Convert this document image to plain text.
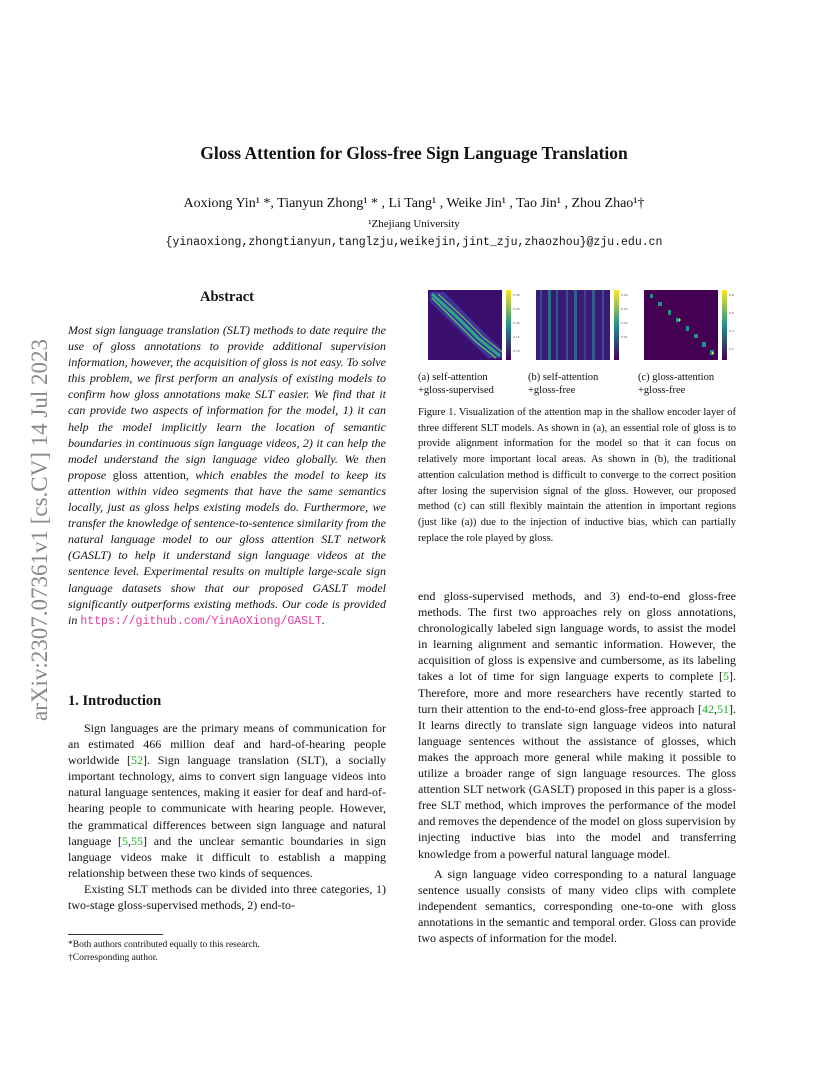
Gloss Attention for Gloss-free Sign Language Translation
Aoxiong Yin¹ *, Tianyun Zhong¹ * , Li Tang¹ , Weike Jin¹ , Tao Jin¹ , Zhou Zhao¹†
¹Zhejiang University
{yinaoxiong,zhongtianyun,tanglzju,weikejin,jint_zju,zhaozhou}@zju.edu.cn
arXiv:2307.07361v1 [cs.CV] 14 Jul 2023
Abstract
Most sign language translation (SLT) methods to date require the use of gloss annotations to provide additional supervision information, however, the acquisition of gloss is not easy. To solve this problem, we first perform an analysis of existing models to confirm how gloss annotations make SLT easier. We find that it can provide two aspects of information for the model, 1) it can help the model implicitly learn the location of semantic boundaries in continuous sign language videos, 2) it can help the model understand the sign language video globally. We then propose gloss attention, which enables the model to keep its attention within video segments that have the same semantics locally, just as gloss helps existing models do. Furthermore, we transfer the knowledge of sentence-to-sentence similarity from the natural language model to our gloss attention SLT network (GASLT) to help it understand sign language videos at the sentence level. Experimental results on multiple large-scale sign language datasets show that our proposed GASLT model significantly outperforms existing methods. Our code is provided in https://github.com/YinAoXiong/GASLT.
1. Introduction

Sign languages are the primary means of communication for an estimated 466 million deaf and hard-of-hearing people worldwide [52]. Sign language translation (SLT), a socially important technology, aims to convert sign language videos into natural language sentences, making it easier for deaf and hard-of-hearing people to communicate with hearing people. However, the grammatical differences between sign language and natural language [5,55] and the unclear semantic boundaries in sign language videos make it difficult to establish a mapping relationship between these two kinds of sequences.

Existing SLT methods can be divided into three categories, 1) two-stage gloss-supervised methods, 2) end-to-

*Both authors contributed equally to this research.
†Corresponding author.
0.30
0.25
0.20
0.15
0.10
0.04
0.03
0.02
0.01
0.8
0.6
0.4
0.2
(a) self-attention
+gloss-supervised
(b) self-attention
+gloss-free
(c) gloss-attention
+gloss-free
Figure 1. Visualization of the attention map in the shallow encoder layer of three different SLT models. As shown in (a), an essential role of gloss is to provide alignment information for the model so that it can focus on relatively more important local areas. As shown in (b), the traditional attention calculation method is difficult to converge to the correct position after losing the supervision signal of the gloss. However, our proposed method (c) can still flexibly maintain the attention in important regions (just like (a)) due to the injection of inductive bias, which can partially replace the role played by gloss.

end gloss-supervised methods, and 3) end-to-end gloss-free methods. The first two approaches rely on gloss annotations, chronologically labeled sign language words, to assist the model in learning alignment and semantic information. However, the acquisition of gloss is expensive and cumbersome, as its labeling takes a lot of time for sign language experts to complete [5]. Therefore, more and more researchers have recently started to turn their attention to the end-to-end gloss-free approach [42,51]. It learns directly to translate sign language videos into natural language sentences without the assistance of glosses, which makes the approach more general while making it possible to utilize a broader range of sign language resources. The gloss attention SLT network (GASLT) proposed in this paper is a gloss-free SLT method, which improves the performance of the model and removes the dependence of the model on gloss supervision by injecting inductive bias into the model and transferring knowledge from a powerful natural language model.

A sign language video corresponding to a natural language sentence usually consists of many video clips with complete independent semantics, corresponding one-to-one with gloss annotations in the semantic and temporal order. Gloss can provide two aspects of information for the model.
